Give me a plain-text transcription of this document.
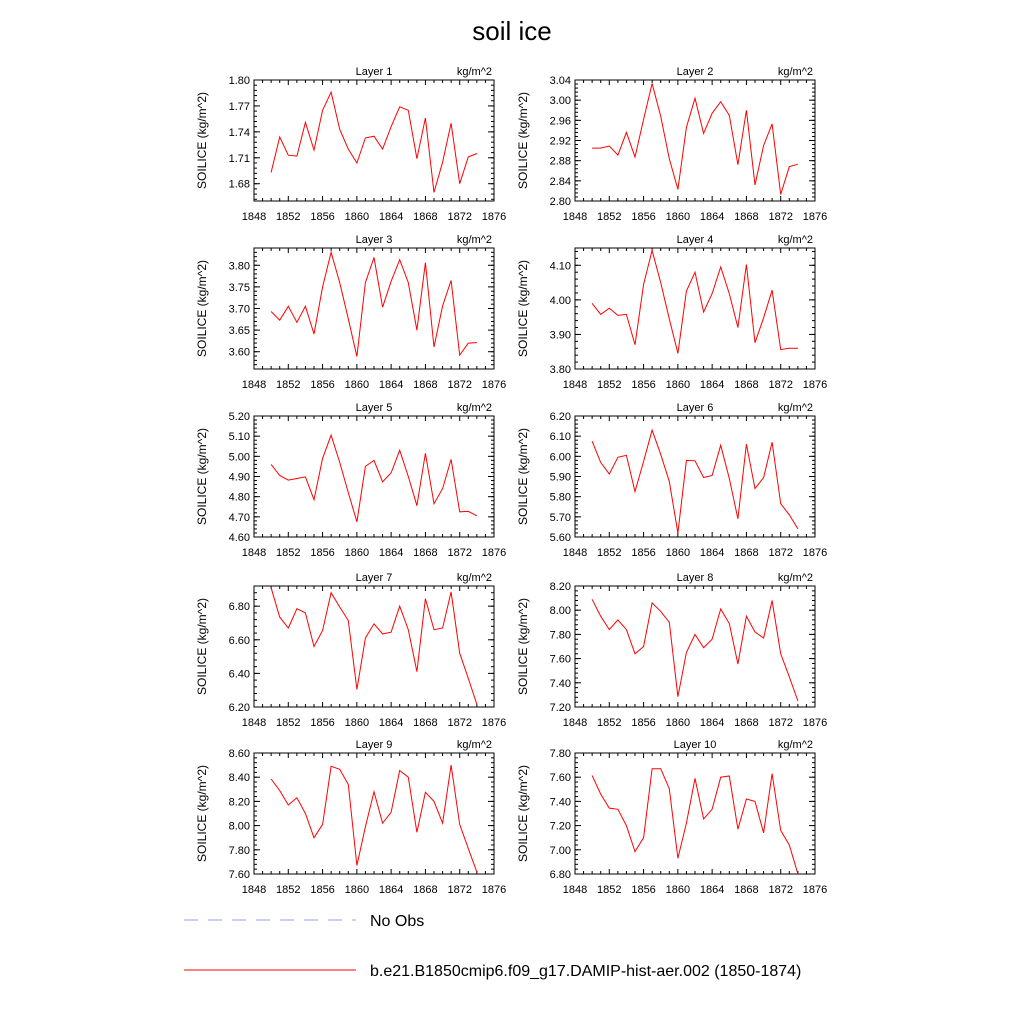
soil ice
Layer 1	kg/m^2
SOILICE (kg/m^2)
1848 1852 1856 1860 1864 1868 1872 1876
1.68
1.71
1.74
1.77
1.80
Layer 2	kg/m^2
SOILICE (kg/m^2)
1848 1852 1856 1860 1864 1868 1872 1876
2.80
2.84
2.88
2.92
2.96
3.00
3.04
Layer 3	kg/m^2
SOILICE (kg/m^2)
1848 1852 1856 1860 1864 1868 1872 1876
3.60
3.65
3.70
3.75
3.80
Layer 4	kg/m^2
SOILICE (kg/m^2)
1848 1852 1856 1860 1864 1868 1872 1876
3.80
3.90
4.00
4.10
Layer 5	kg/m^2
SOILICE (kg/m^2)
1848 1852 1856 1860 1864 1868 1872 1876
4.60
4.70
4.80
4.90
5.00
5.10
5.20
Layer 6	kg/m^2
SOILICE (kg/m^2)
1848 1852 1856 1860 1864 1868 1872 1876
5.60
5.70
5.80
5.90
6.00
6.10
6.20
Layer 7	kg/m^2
SOILICE (kg/m^2)
1848 1852 1856 1860 1864 1868 1872 1876
6.20
6.40
6.60
6.80
Layer 8	kg/m^2
SOILICE (kg/m^2)
1848 1852 1856 1860 1864 1868 1872 1876
7.20
7.40
7.60
7.80
8.00
8.20
Layer 9	kg/m^2
SOILICE (kg/m^2)
1848 1852 1856 1860 1864 1868 1872 1876
7.60
7.80
8.00
8.20
8.40
8.60
Layer 10	kg/m^2
SOILICE (kg/m^2)
1848 1852 1856 1860 1864 1868 1872 1876
6.80
7.00
7.20
7.40
7.60
7.80
No Obs
b.e21.B1850cmip6.f09_g17.DAMIP-hist-aer.002 (1850-1874)
